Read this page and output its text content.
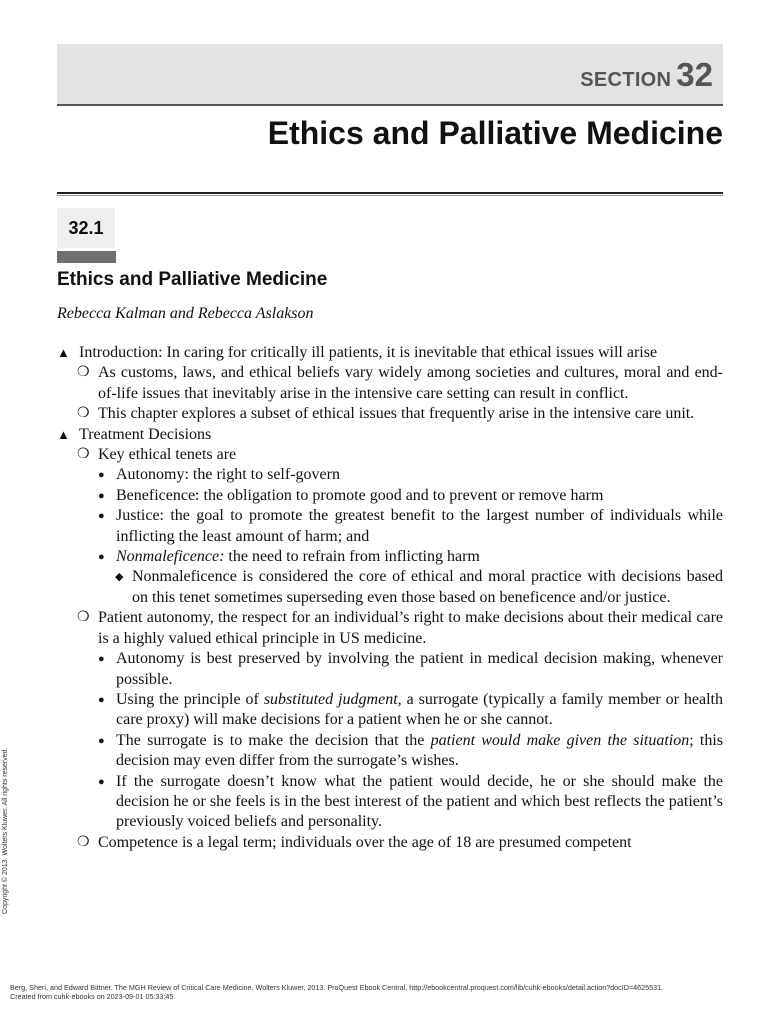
SECTION 32
Ethics and Palliative Medicine
32.1
Ethics and Palliative Medicine

Rebecca Kalman and Rebecca Aslakson

▲ Introduction: In caring for critically ill patients, it is inevitable that ethical issues will arise
❍ As customs, laws, and ethical beliefs vary widely among societies and cultures, moral and end-of-life issues that inevitably arise in the intensive care setting can result in conflict.
❍ This chapter explores a subset of ethical issues that frequently arise in the intensive care unit.
▲ Treatment Decisions
❍ Key ethical tenets are
● Autonomy: the right to self-govern
● Beneficence: the obligation to promote good and to prevent or remove harm
● Justice: the goal to promote the greatest benefit to the largest number of individuals while inflicting the least amount of harm; and
● Nonmaleficence: the need to refrain from inflicting harm
◆ Nonmaleficence is considered the core of ethical and moral practice with decisions based on this tenet sometimes superseding even those based on beneficence and/or justice.
❍ Patient autonomy, the respect for an individual’s right to make decisions about their medical care is a highly valued ethical principle in US medicine.
● Autonomy is best preserved by involving the patient in medical decision making, whenever possible.
● Using the principle of substituted judgment, a surrogate (typically a family member or health care proxy) will make decisions for a patient when he or she cannot.
● The surrogate is to make the decision that the patient would make given the situation; this decision may even differ from the surrogate’s wishes.
● If the surrogate doesn’t know what the patient would decide, he or she should make the decision he or she feels is in the best interest of the patient and which best reflects the patient’s previously voiced beliefs and personality.
❍ Competence is a legal term; individuals over the age of 18 are presumed competent
Copyright © 2013. Wolters Kluwer. All rights reserved.
Berg, Sheri, and Edward Bittner. The MGH Review of Critical Care Medicine, Wolters Kluwer, 2013. ProQuest Ebook Central, http://ebookcentral.proquest.com/lib/cuhk-ebooks/detail.action?docID=4625531.
Created from cuhk-ebooks on 2023-09-01 05:33:45.
